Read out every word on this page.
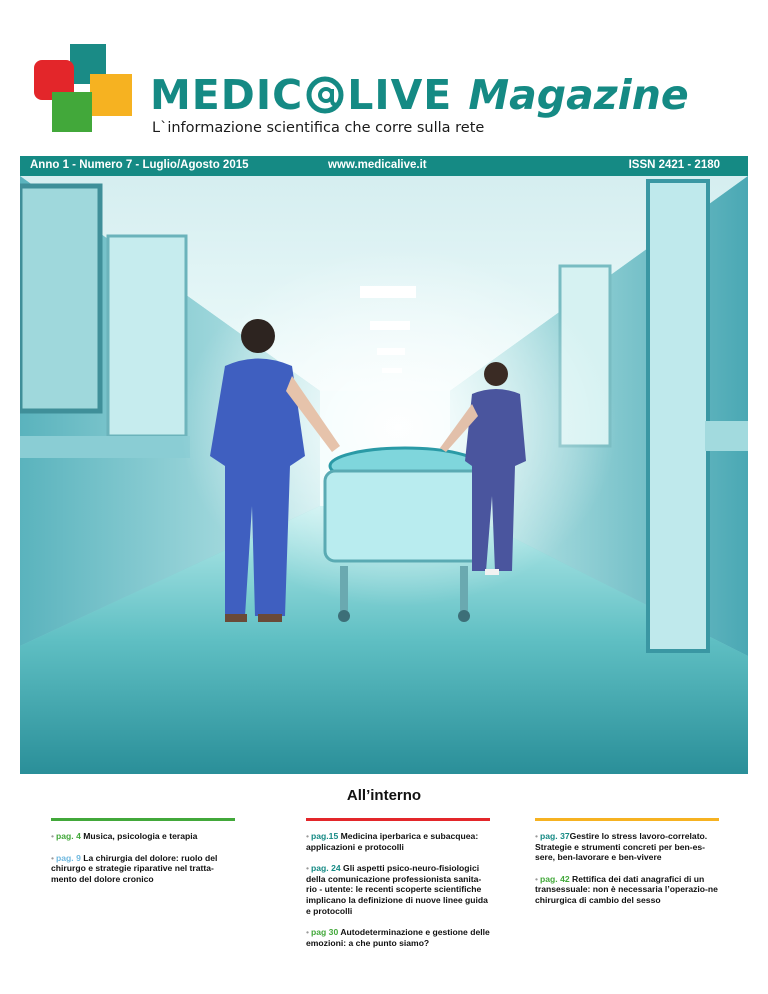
MEDIC LIVE Magazine
L`informazione scientifica che corre sulla rete
Anno 1 - Numero 7 - Luglio/Agosto 2015	www.medicalive.it	ISSN 2421 - 2180
All’interno

• pag. 4 Musica, psicologia e terapia

• pag. 9 La chirurgia del dolore: ruolo del chirurgo e strategie riparative nel tratta-mento del dolore cronico

• pag.15 Medicina iperbarica e subacquea: applicazioni e protocolli

• pag. 24 Gli aspetti psico-neuro-fisiologici della comunicazione professionista sanita-rio - utente: le recenti scoperte scientifiche implicano la definizione di nuove linee guida e protocolli

• pag 30 Autodeterminazione e gestione delle emozioni: a che punto siamo?

• pag. 37Gestire lo stress lavoro-correlato. Strategie e strumenti concreti per ben-es-sere, ben-lavorare e ben-vivere

• pag. 42 Rettifica dei dati anagrafici di un transessuale: non è necessaria l’operazio-ne chirurgica di cambio del sesso
